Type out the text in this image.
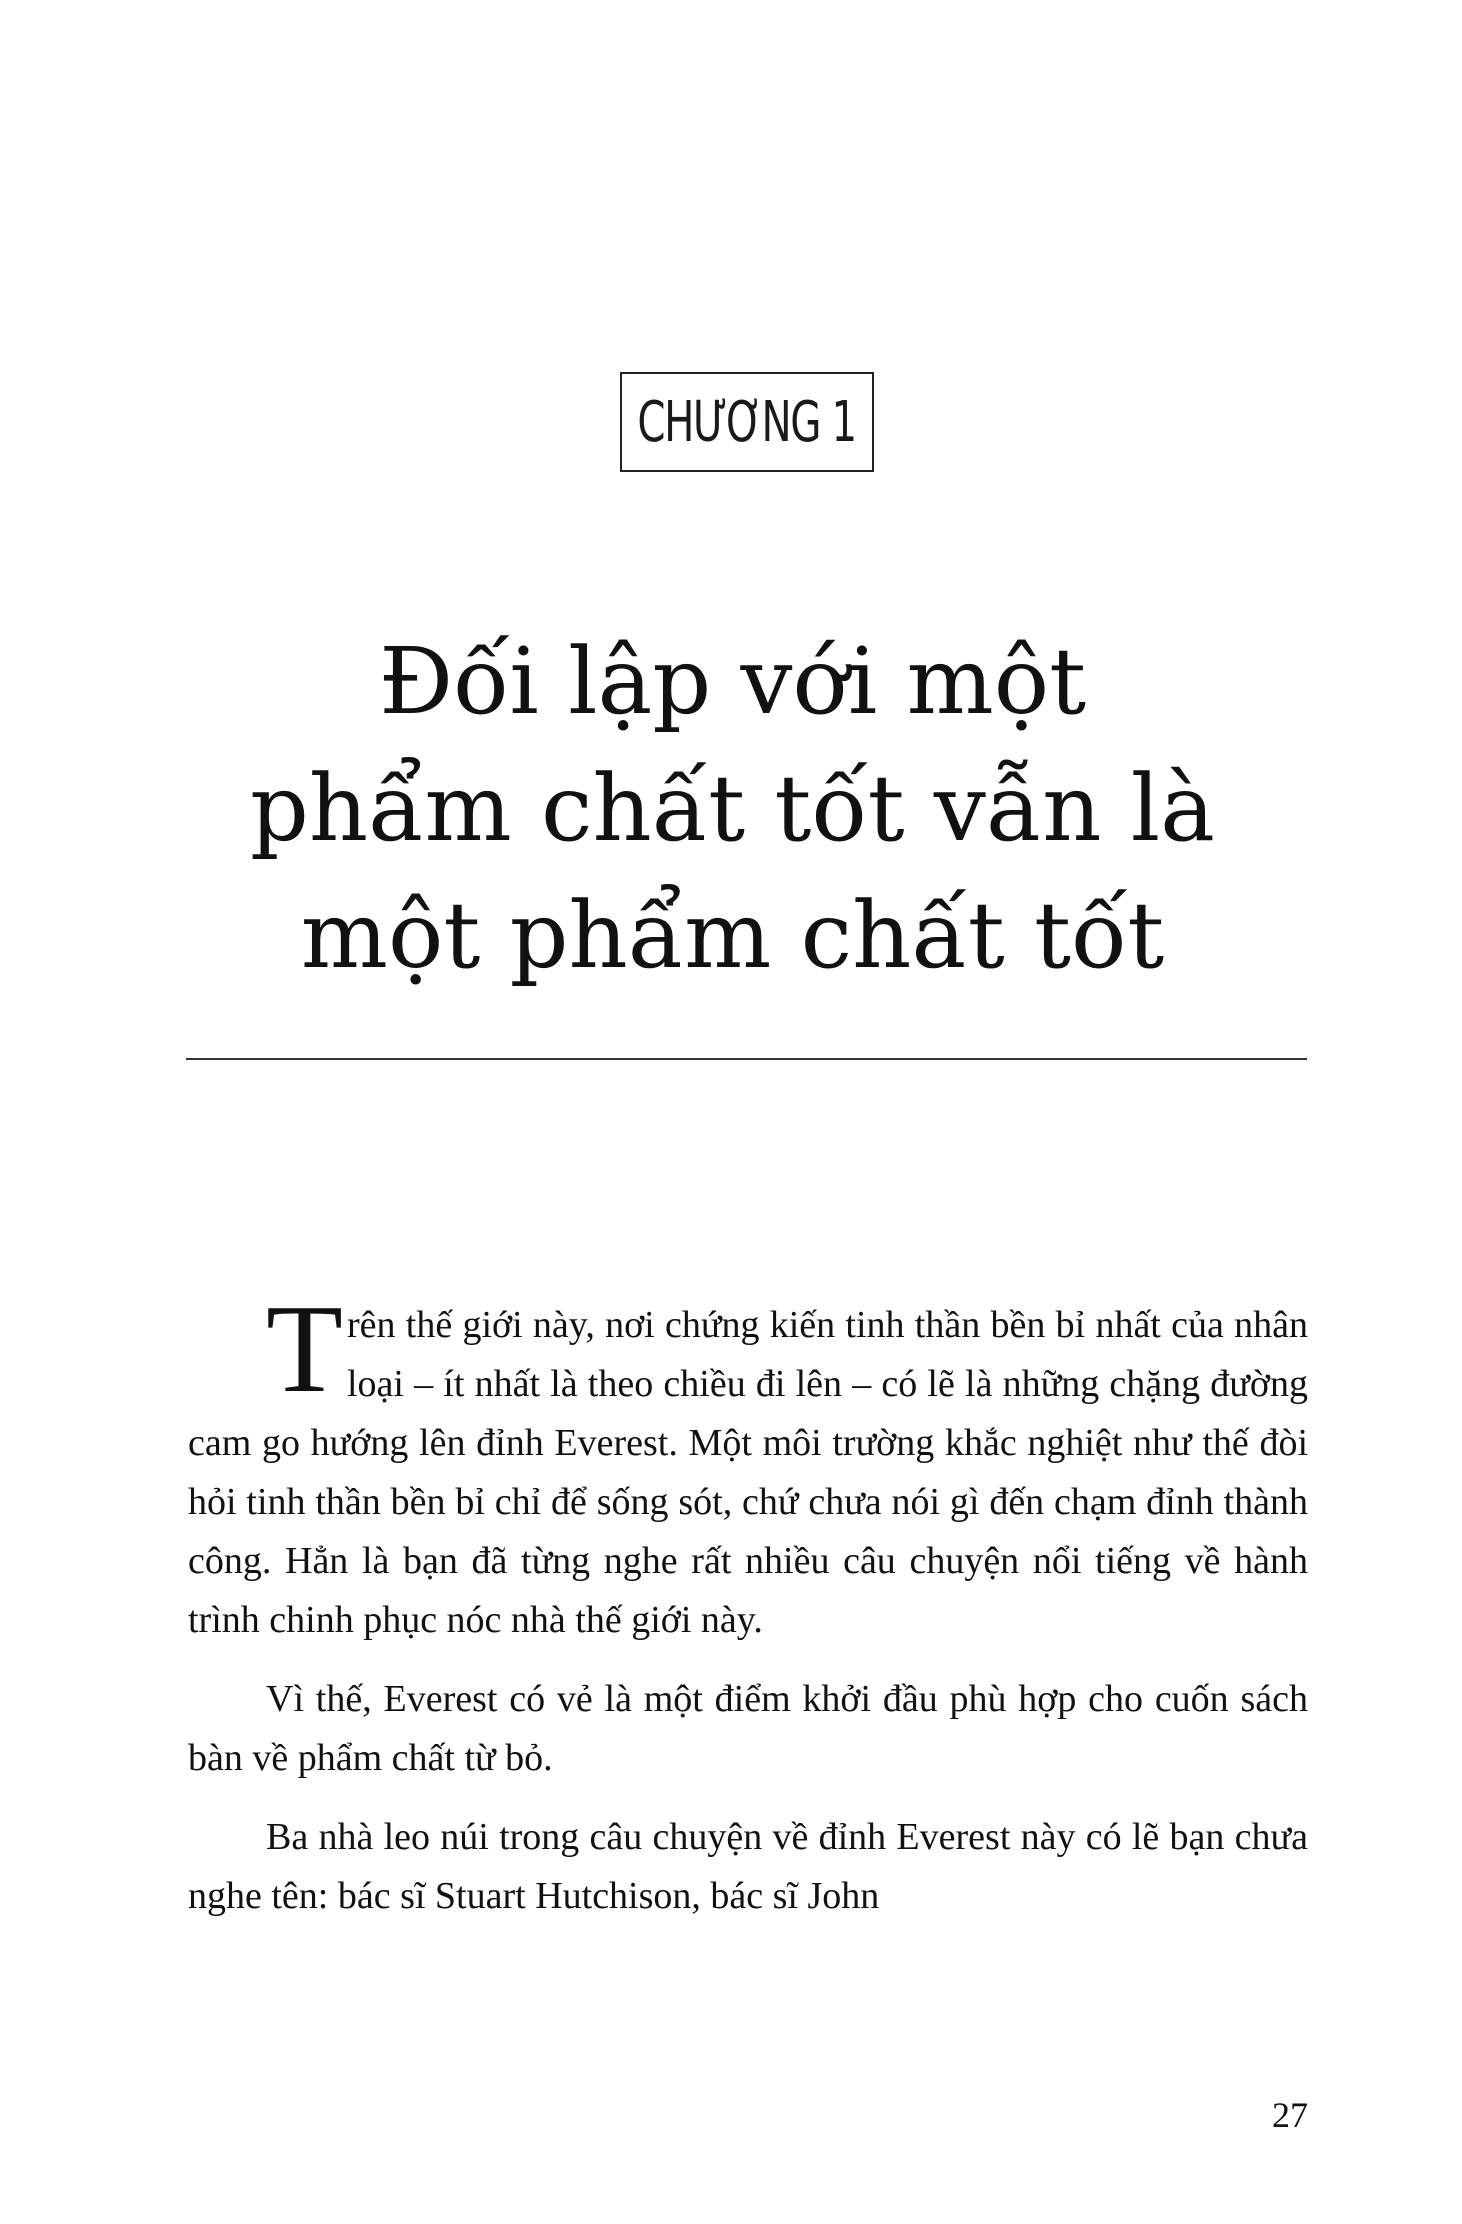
CHƯƠNG 1
Đối lập với một
phẩm chất tốt vẫn là
một phẩm chất tốt

T rên thế giới này, nơi chứng kiến tinh thần bền bỉ nhất của nhân loại – ít nhất là theo chiều đi lên – có lẽ là những chặng đường cam go hướng lên đỉnh Everest. Một môi trường khắc nghiệt như thế đòi hỏi tinh thần bền bỉ chỉ để sống sót, chứ chưa nói gì đến chạm đỉnh thành công. Hẳn là bạn đã từng nghe rất nhiều câu chuyện nổi tiếng về hành trình chinh phục nóc nhà thế giới này.

Vì thế, Everest có vẻ là một điểm khởi đầu phù hợp cho cuốn sách bàn về phẩm chất từ bỏ.

Ba nhà leo núi trong câu chuyện về đỉnh Everest này có lẽ bạn chưa nghe tên: bác sĩ Stuart Hutchison, bác sĩ John

27
